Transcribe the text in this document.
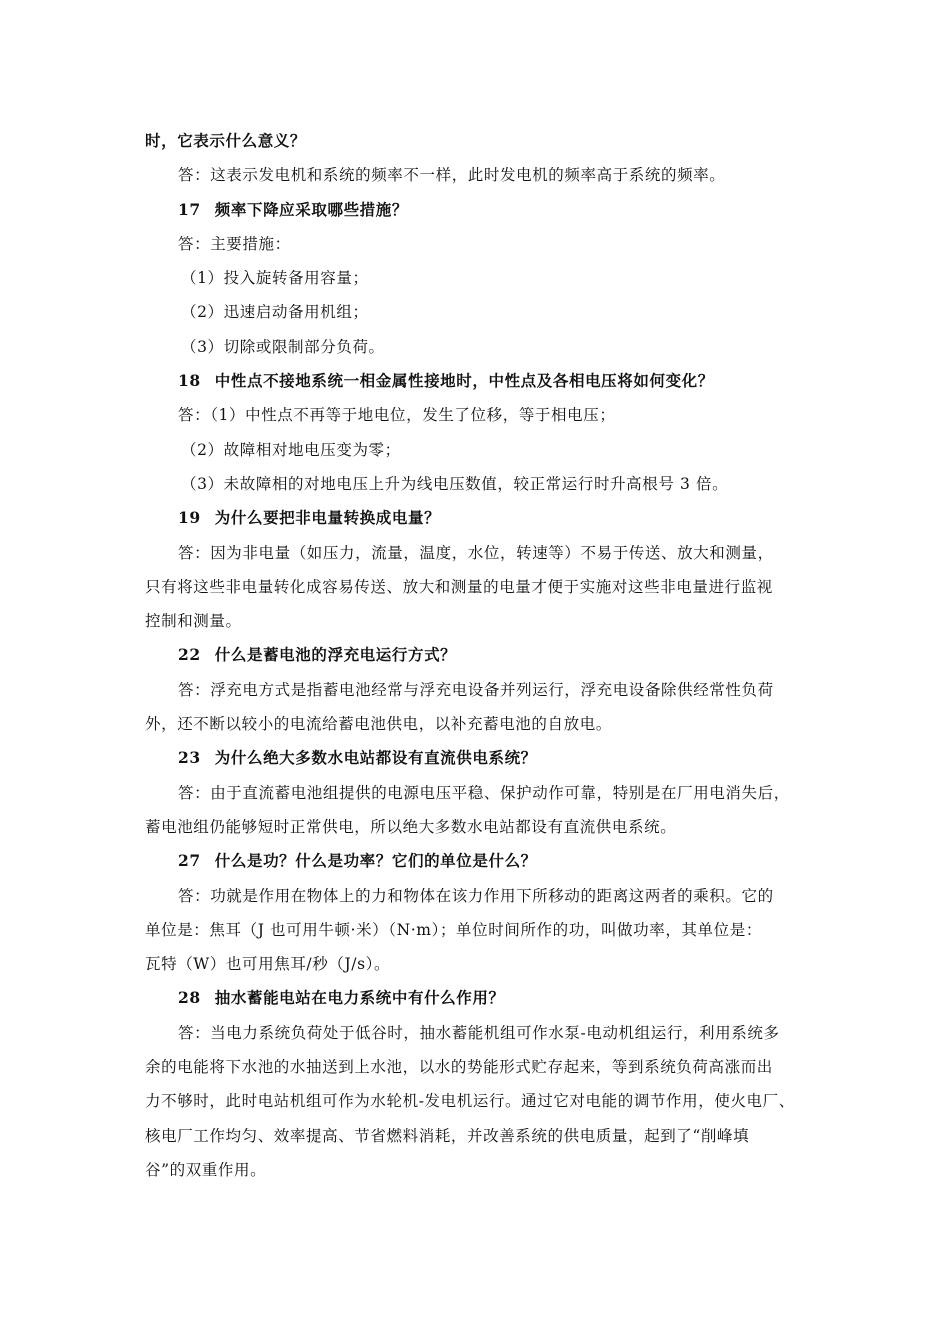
时，它表示什么意义？
答：这表示发电机和系统的频率不一样，此时发电机的频率高于系统的频率。
17 频率下降应采取哪些措施？
答：主要措施：
（1）投入旋转备用容量；
（2）迅速启动备用机组；
（3）切除或限制部分负荷。
18 中性点不接地系统一相金属性接地时，中性点及各相电压将如何变化？
答：（1）中性点不再等于地电位，发生了位移，等于相电压；
（2）故障相对地电压变为零；
（3）未故障相的对地电压上升为线电压数值，较正常运行时升高根号 3 倍。
19 为什么要把非电量转换成电量？
答：因为非电量（如压力，流量，温度，水位，转速等）不易于传送、放大和测量，
只有将这些非电量转化成容易传送、放大和测量的电量才便于实施对这些非电量进行监视
控制和测量。
22 什么是蓄电池的浮充电运行方式？
答：浮充电方式是指蓄电池经常与浮充电设备并列运行，浮充电设备除供经常性负荷
外，还不断以较小的电流给蓄电池供电，以补充蓄电池的自放电。
23 为什么绝大多数水电站都设有直流供电系统？
答：由于直流蓄电池组提供的电源电压平稳、保护动作可靠，特别是在厂用电消失后，
蓄电池组仍能够短时正常供电，所以绝大多数水电站都设有直流供电系统。
27 什么是功？什么是功率？它们的单位是什么？
答：功就是作用在物体上的力和物体在该力作用下所移动的距离这两者的乘积。它的
单位是：焦耳（J 也可用牛顿·米）（N·m）；单位时间所作的功，叫做功率，其单位是：
瓦特（W）也可用焦耳/秒（J/s）。
28 抽水蓄能电站在电力系统中有什么作用？
答：当电力系统负荷处于低谷时，抽水蓄能机组可作水泵-电动机组运行，利用系统多
余的电能将下水池的水抽送到上水池，以水的势能形式贮存起来，等到系统负荷高涨而出
力不够时，此时电站机组可作为水轮机-发电机运行。通过它对电能的调节作用，使火电厂、
核电厂工作均匀、效率提高、节省燃料消耗，并改善系统的供电质量，起到了“削峰填
谷”的双重作用。
